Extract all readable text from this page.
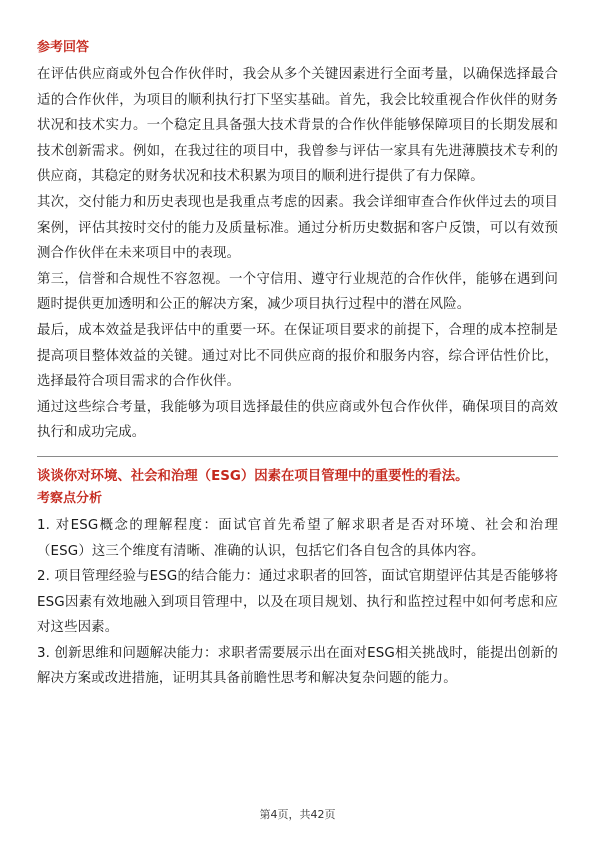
参考回答

在评估供应商或外包合作伙伴时，我会从多个关键因素进行全面考量，以确保选择最合适的合作伙伴，为项目的顺利执行打下坚实基础。首先，我会比较重视合作伙伴的财务状况和技术实力。一个稳定且具备强大技术背景的合作伙伴能够保障项目的长期发展和技术创新需求。例如，在我过往的项目中，我曾参与评估一家具有先进薄膜技术专利的供应商，其稳定的财务状况和技术积累为项目的顺利进行提供了有力保障。

其次，交付能力和历史表现也是我重点考虑的因素。我会详细审查合作伙伴过去的项目案例，评估其按时交付的能力及质量标准。通过分析历史数据和客户反馈，可以有效预测合作伙伴在未来项目中的表现。

第三，信誉和合规性不容忽视。一个守信用、遵守行业规范的合作伙伴，能够在遇到问题时提供更加透明和公正的解决方案，减少项目执行过程中的潜在风险。

最后，成本效益是我评估中的重要一环。在保证项目要求的前提下，合理的成本控制是提高项目整体效益的关键。通过对比不同供应商的报价和服务内容，综合评估性价比，选择最符合项目需求的合作伙伴。

通过这些综合考量，我能够为项目选择最佳的供应商或外包合作伙伴，确保项目的高效执行和成功完成。

谈谈你对环境、社会和治理（ESG）因素在项目管理中的重要性的看法。

考察点分析

1. 对ESG概念的理解程度：面试官首先希望了解求职者是否对环境、社会和治理（ESG）这三个维度有清晰、准确的认识，包括它们各自包含的具体内容。

2. 项目管理经验与ESG的结合能力：通过求职者的回答，面试官期望评估其是否能够将ESG因素有效地融入到项目管理中，以及在项目规划、执行和监控过程中如何考虑和应对这些因素。

3. 创新思维和问题解决能力：求职者需要展示出在面对ESG相关挑战时，能提出创新的解决方案或改进措施，证明其具备前瞻性思考和解决复杂问题的能力。

第4页，共42页
